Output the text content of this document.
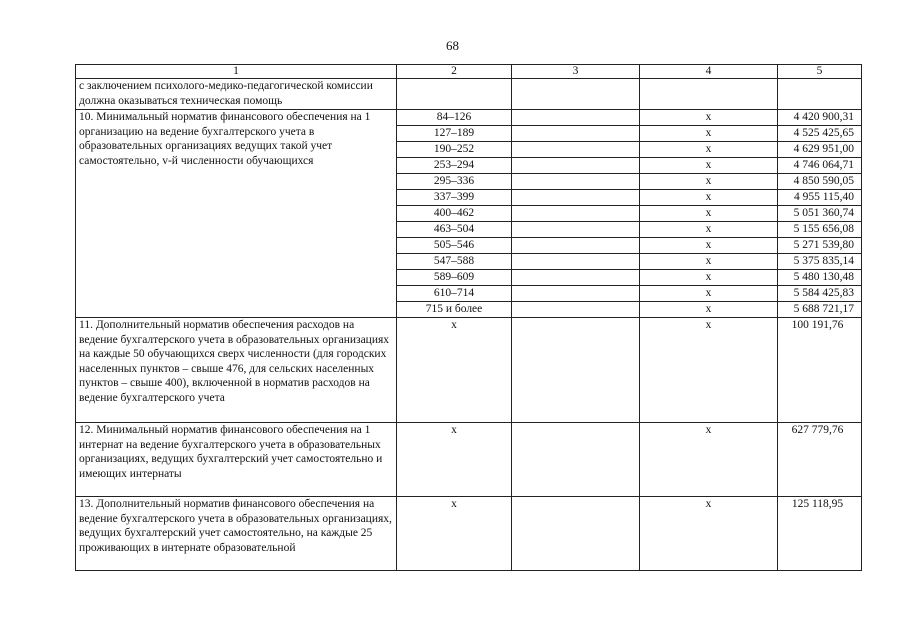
68
1	2	3	4	5
с заключением психолого-медико-педагогической комиссии должна оказываться техническая помощь				
10. Минимальный норматив финансового обеспечения на 1 организацию на ведение бухгалтерского учета в образовательных организациях ведущих такой учет самостоятельно, v-й численности обучающихся	84–126		х	4 420 900,31
	127–189		х	4 525 425,65
	190–252		х	4 629 951,00
	253–294		х	4 746 064,71
	295–336		х	4 850 590,05
	337–399		х	4 955 115,40
	400–462		х	5 051 360,74
	463–504		х	5 155 656,08
	505–546		х	5 271 539,80
	547–588		х	5 375 835,14
	589–609		х	5 480 130,48
	610–714		х	5 584 425,83
	715 и более		х	5 688 721,17
11. Дополнительный норматив обеспечения расходов на ведение бухгалтерского учета в образовательных организациях на каждые 50 обучающихся сверх численности (для городских населенных пунктов – свыше 476, для сельских населенных пунктов – свыше 400), включенной в норматив расходов на ведение бухгалтерского учета	х		х	100 191,76
12. Минимальный норматив финансового обеспечения на 1 интернат на ведение бухгалтерского учета в образовательных организациях, ведущих бухгалтерский учет самостоятельно и имеющих интернаты	х		х	627 779,76
13. Дополнительный норматив финансового обеспечения на ведение бухгалтерского учета в образовательных организациях, ведущих бухгалтерский учет самостоятельно, на каждые 25 проживающих в интернате образовательной	х		х	125 118,95
